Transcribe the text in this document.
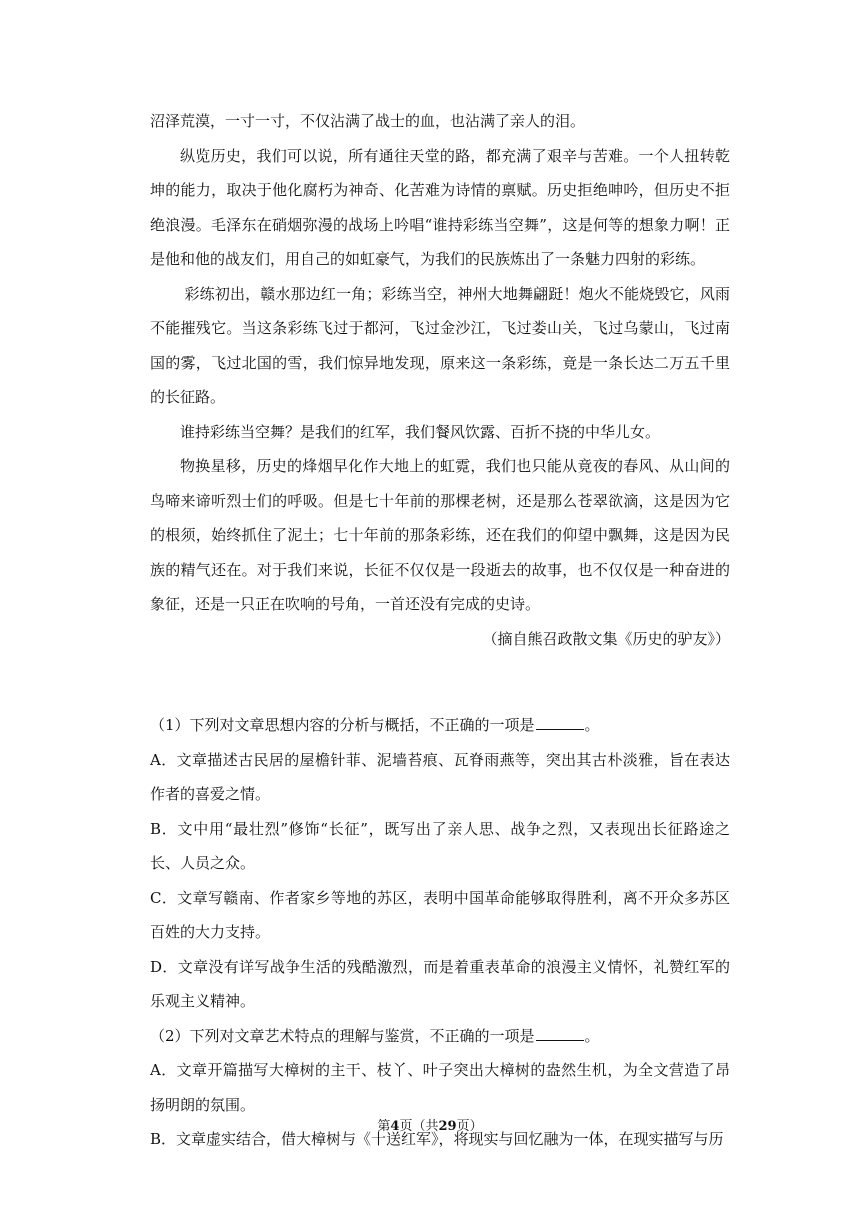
沼泽荒漠，一寸一寸，不仅沾满了战士的血，也沾满了亲人的泪。

纵览历史，我们可以说，所有通往天堂的路，都充满了艰辛与苦难。一个人扭转乾坤的能力，取决于他化腐朽为神奇、化苦难为诗情的禀赋。历史拒绝呻吟，但历史不拒绝浪漫。毛泽东在硝烟弥漫的战场上吟唱“谁持彩练当空舞”，这是何等的想象力啊！正是他和他的战友们，用自己的如虹豪气，为我们的民族炼出了一条魅力四射的彩练。

彩练初出，赣水那边红一角；彩练当空，神州大地舞翩跹！炮火不能烧毁它，风雨不能摧残它。当这条彩练飞过于都河，飞过金沙江，飞过娄山关，飞过乌蒙山，飞过南国的雾，飞过北国的雪，我们惊异地发现，原来这一条彩练，竟是一条长达二万五千里的长征路。

谁持彩练当空舞？是我们的红军，我们餐风饮露、百折不挠的中华儿女。

物换星移，历史的烽烟早化作大地上的虹霓，我们也只能从竟夜的春风、从山间的鸟啼来谛听烈士们的呼吸。但是七十年前的那棵老树，还是那么苍翠欲滴，这是因为它的根须，始终抓住了泥土；七十年前的那条彩练，还在我们的仰望中飘舞，这是因为民族的精气还在。对于我们来说，长征不仅仅是一段逝去的故事，也不仅仅是一种奋进的象征，还是一只正在吹响的号角，一首还没有完成的史诗。

（摘自熊召政散文集《历史的驴友》）

（1）下列对文章思想内容的分析与概括，不正确的一项是	。

A．文章描述古民居的屋檐针菲、泥墙苔痕、瓦脊雨燕等，突出其古朴淡雅，旨在表达作者的喜爱之情。

B．文中用“最壮烈”修饰“长征”，既写出了亲人思、战争之烈，又表现出长征路途之长、人员之众。

C．文章写赣南、作者家乡等地的苏区，表明中国革命能够取得胜利，离不开众多苏区百姓的大力支持。

D．文章没有详写战争生活的残酷激烈，而是着重表革命的浪漫主义情怀，礼赞红军的乐观主义精神。

（2）下列对文章艺术特点的理解与鉴赏，不正确的一项是	。

A．文章开篇描写大樟树的主干、枝丫、叶子突出大樟树的盎然生机，为全文营造了昂扬明朗的氛围。

B．文章虚实结合，借大樟树与《十送红军》，将现实与回忆融为一体，在现实描写与历

第4页（共29页）
